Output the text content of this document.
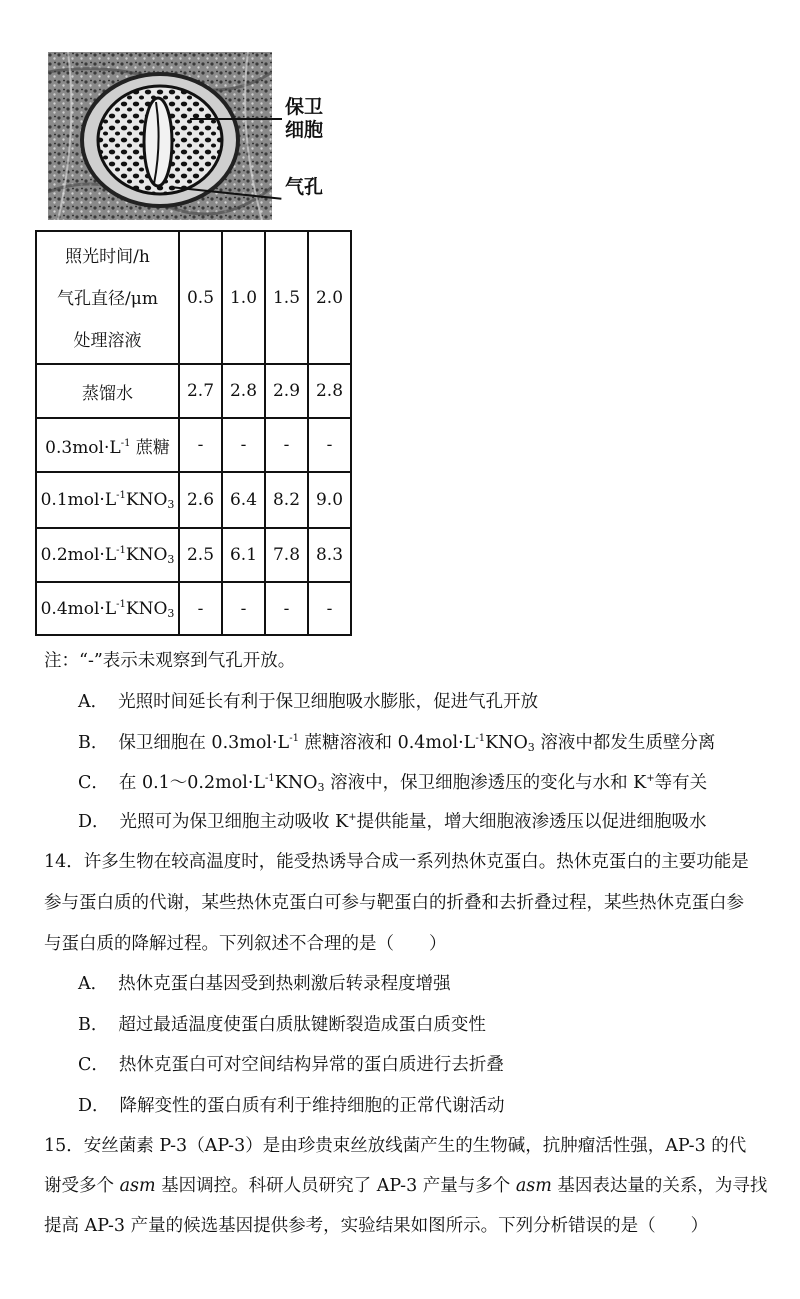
保卫
细胞
气孔
照光时间/h
气孔直径/μm
处理溶液	0.5	1.0	1.5	2.0
蒸馏水	2.7	2.8	2.9	2.8
$0.3mol\cdot L^{-1}$ 蔗糖	-	-	-	-
$0.1mol\cdot L^{-1}KNO_3$	2.6	6.4	8.2	9.0
$0.2mol\cdot L^{-1}KNO_3$	2.5	6.1	7.8	8.3
$0.4mol\cdot L^{-1}KNO_3$	-	-	-	-
注：“-”表示未观察到气孔开放。
A． 光照时间延长有利于保卫细胞吸水膨胀，促进气孔开放
B． 保卫细胞在 $0.3mol\cdot L^{-1}$ 蔗糖溶液和 $0.4mol\cdot L^{-1}KNO_3$ 溶液中都发生质壁分离
C． 在 $0.1\sim 0.2mol\cdot L^{-1}KNO_3$ 溶液中，保卫细胞渗透压的变化与水和 K+等有关
D． 光照可为保卫细胞主动吸收 K+提供能量，增大细胞液渗透压以促进细胞吸水
14．许多生物在较高温度时，能受热诱导合成一系列热休克蛋白。热休克蛋白的主要功能是
参与蛋白质的代谢，某些热休克蛋白可参与靶蛋白的折叠和去折叠过程，某些热休克蛋白参
与蛋白质的降解过程。下列叙述不合理的是（　　）
A． 热休克蛋白基因受到热刺激后转录程度增强
B． 超过最适温度使蛋白质肽键断裂造成蛋白质变性
C． 热休克蛋白可对空间结构异常的蛋白质进行去折叠
D． 降解变性的蛋白质有利于维持细胞的正常代谢活动
15．安丝菌素 P-3（AP-3）是由珍贵束丝放线菌产生的生物碱，抗肿瘤活性强，AP-3 的代
谢受多个 asm 基因调控。科研人员研究了 AP-3 产量与多个 asm 基因表达量的关系，为寻找
提高 AP-3 产量的候选基因提供参考，实验结果如图所示。下列分析错误的是（　　）
